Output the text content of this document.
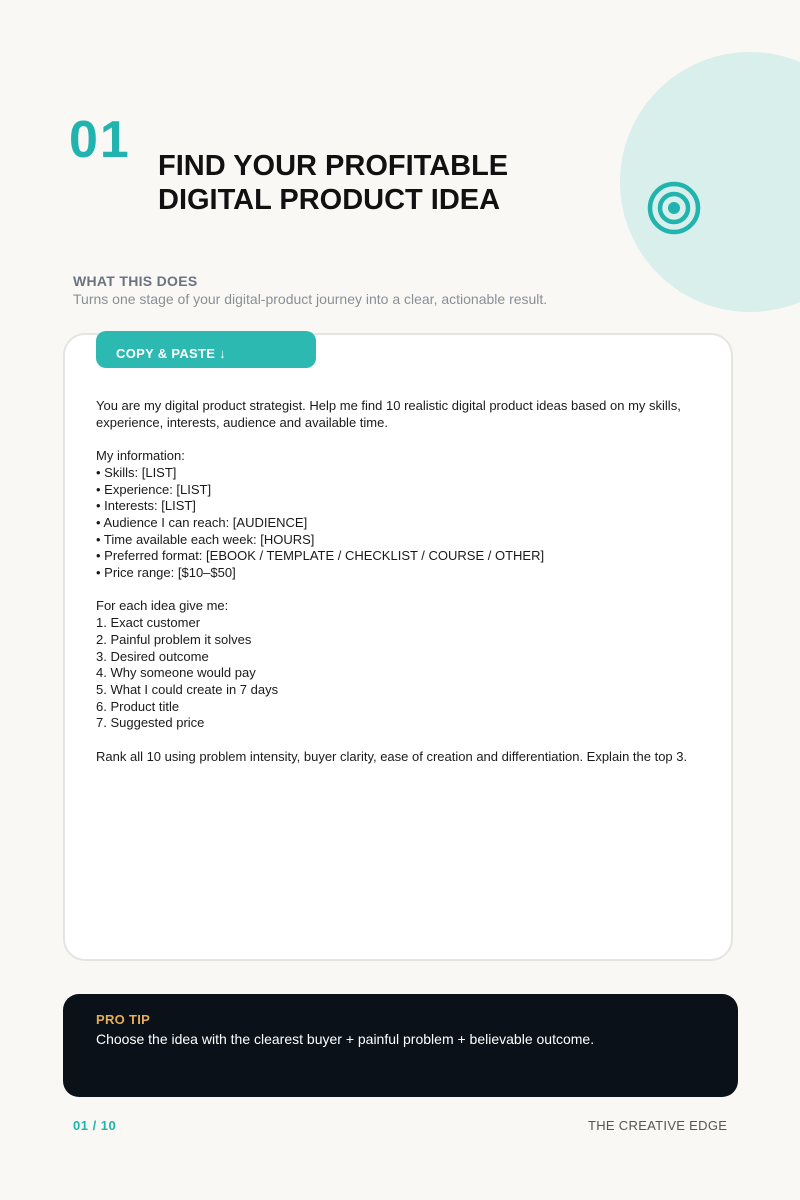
01 FIND YOUR PROFITABLE DIGITAL PRODUCT IDEA
WHAT THIS DOES
Turns one stage of your digital-product journey into a clear, actionable result.
COPY & PASTE ↓

You are my digital product strategist. Help me find 10 realistic digital product ideas based on my skills, experience, interests, audience and available time.

My information:

• Skills: [LIST]
• Experience: [LIST]
• Interests: [LIST]
• Audience I can reach: [AUDIENCE]
• Time available each week: [HOURS]
• Preferred format: [EBOOK / TEMPLATE / CHECKLIST / COURSE / OTHER]
• Price range: [$10–$50]

For each idea give me:

1. Exact customer
2. Painful problem it solves
3. Desired outcome
4. Why someone would pay
5. What I could create in 7 days
6. Product title
7. Suggested price

Rank all 10 using problem intensity, buyer clarity, ease of creation and differentiation. Explain the top 3.

PRO TIP
Choose the idea with the clearest buyer + painful problem + believable outcome.
01 / 10	THE CREATIVE EDGE
